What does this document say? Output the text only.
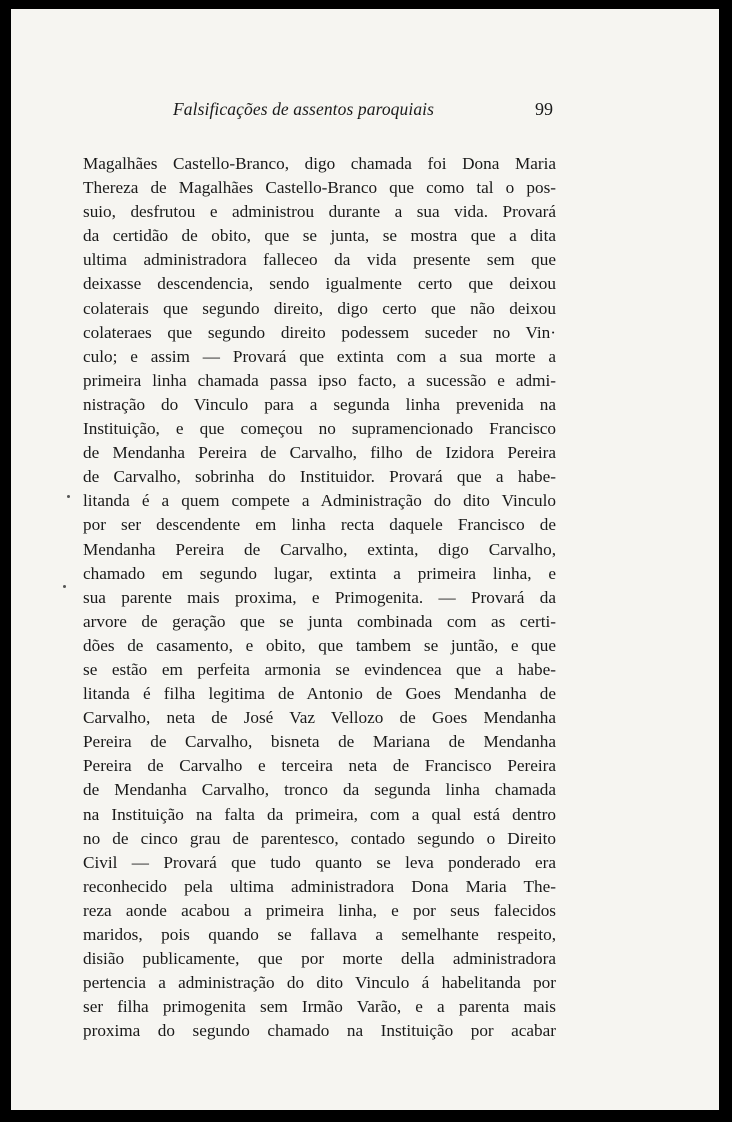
Falsificações de assentos paroquiais	99
Magalhães Castello-Branco, digo chamada foi Dona Maria
Thereza de Magalhães Castello-Branco que como tal o pos-
suio, desfrutou e administrou durante a sua vida. Provará
da certidão de obito, que se junta, se mostra que a dita
ultima administradora falleceo da vida presente sem que
deixasse descendencia, sendo igualmente certo que deixou
colaterais que segundo direito, digo certo que não deixou
colateraes que segundo direito podessem suceder no Vin·
culo; e assim — Provará que extinta com a sua morte a
primeira linha chamada passa ipso facto, a sucessão e admi-
nistração do Vinculo para a segunda linha prevenida na
Instituição, e que começou no supramencionado Francisco
de Mendanha Pereira de Carvalho, filho de Izidora Pereira
de Carvalho, sobrinha do Instituidor. Provará que a habe-
litanda é a quem compete a Administração do dito Vinculo
por ser descendente em linha recta daquele Francisco de
Mendanha Pereira de Carvalho, extinta, digo Carvalho,
chamado em segundo lugar, extinta a primeira linha, e
sua parente mais proxima, e Primogenita. — Provará da
arvore de geração que se junta combinada com as certi-
dões de casamento, e obito, que tambem se juntão, e que
se estão em perfeita armonia se evindencea que a habe-
litanda é filha legitima de Antonio de Goes Mendanha de
Carvalho, neta de José Vaz Vellozo de Goes Mendanha
Pereira de Carvalho, bisneta de Mariana de Mendanha
Pereira de Carvalho e terceira neta de Francisco Pereira
de Mendanha Carvalho, tronco da segunda linha chamada
na Instituição na falta da primeira, com a qual está dentro
no de cinco grau de parentesco, contado segundo o Direito
Civil — Provará que tudo quanto se leva ponderado era
reconhecido pela ultima administradora Dona Maria The-
reza aonde acabou a primeira linha, e por seus falecidos
maridos, pois quando se fallava a semelhante respeito,
disião publicamente, que por morte della administradora
pertencia a administração do dito Vinculo á habelitanda por
ser filha primogenita sem Irmão Varão, e a parenta mais
proxima do segundo chamado na Instituição por acabar
